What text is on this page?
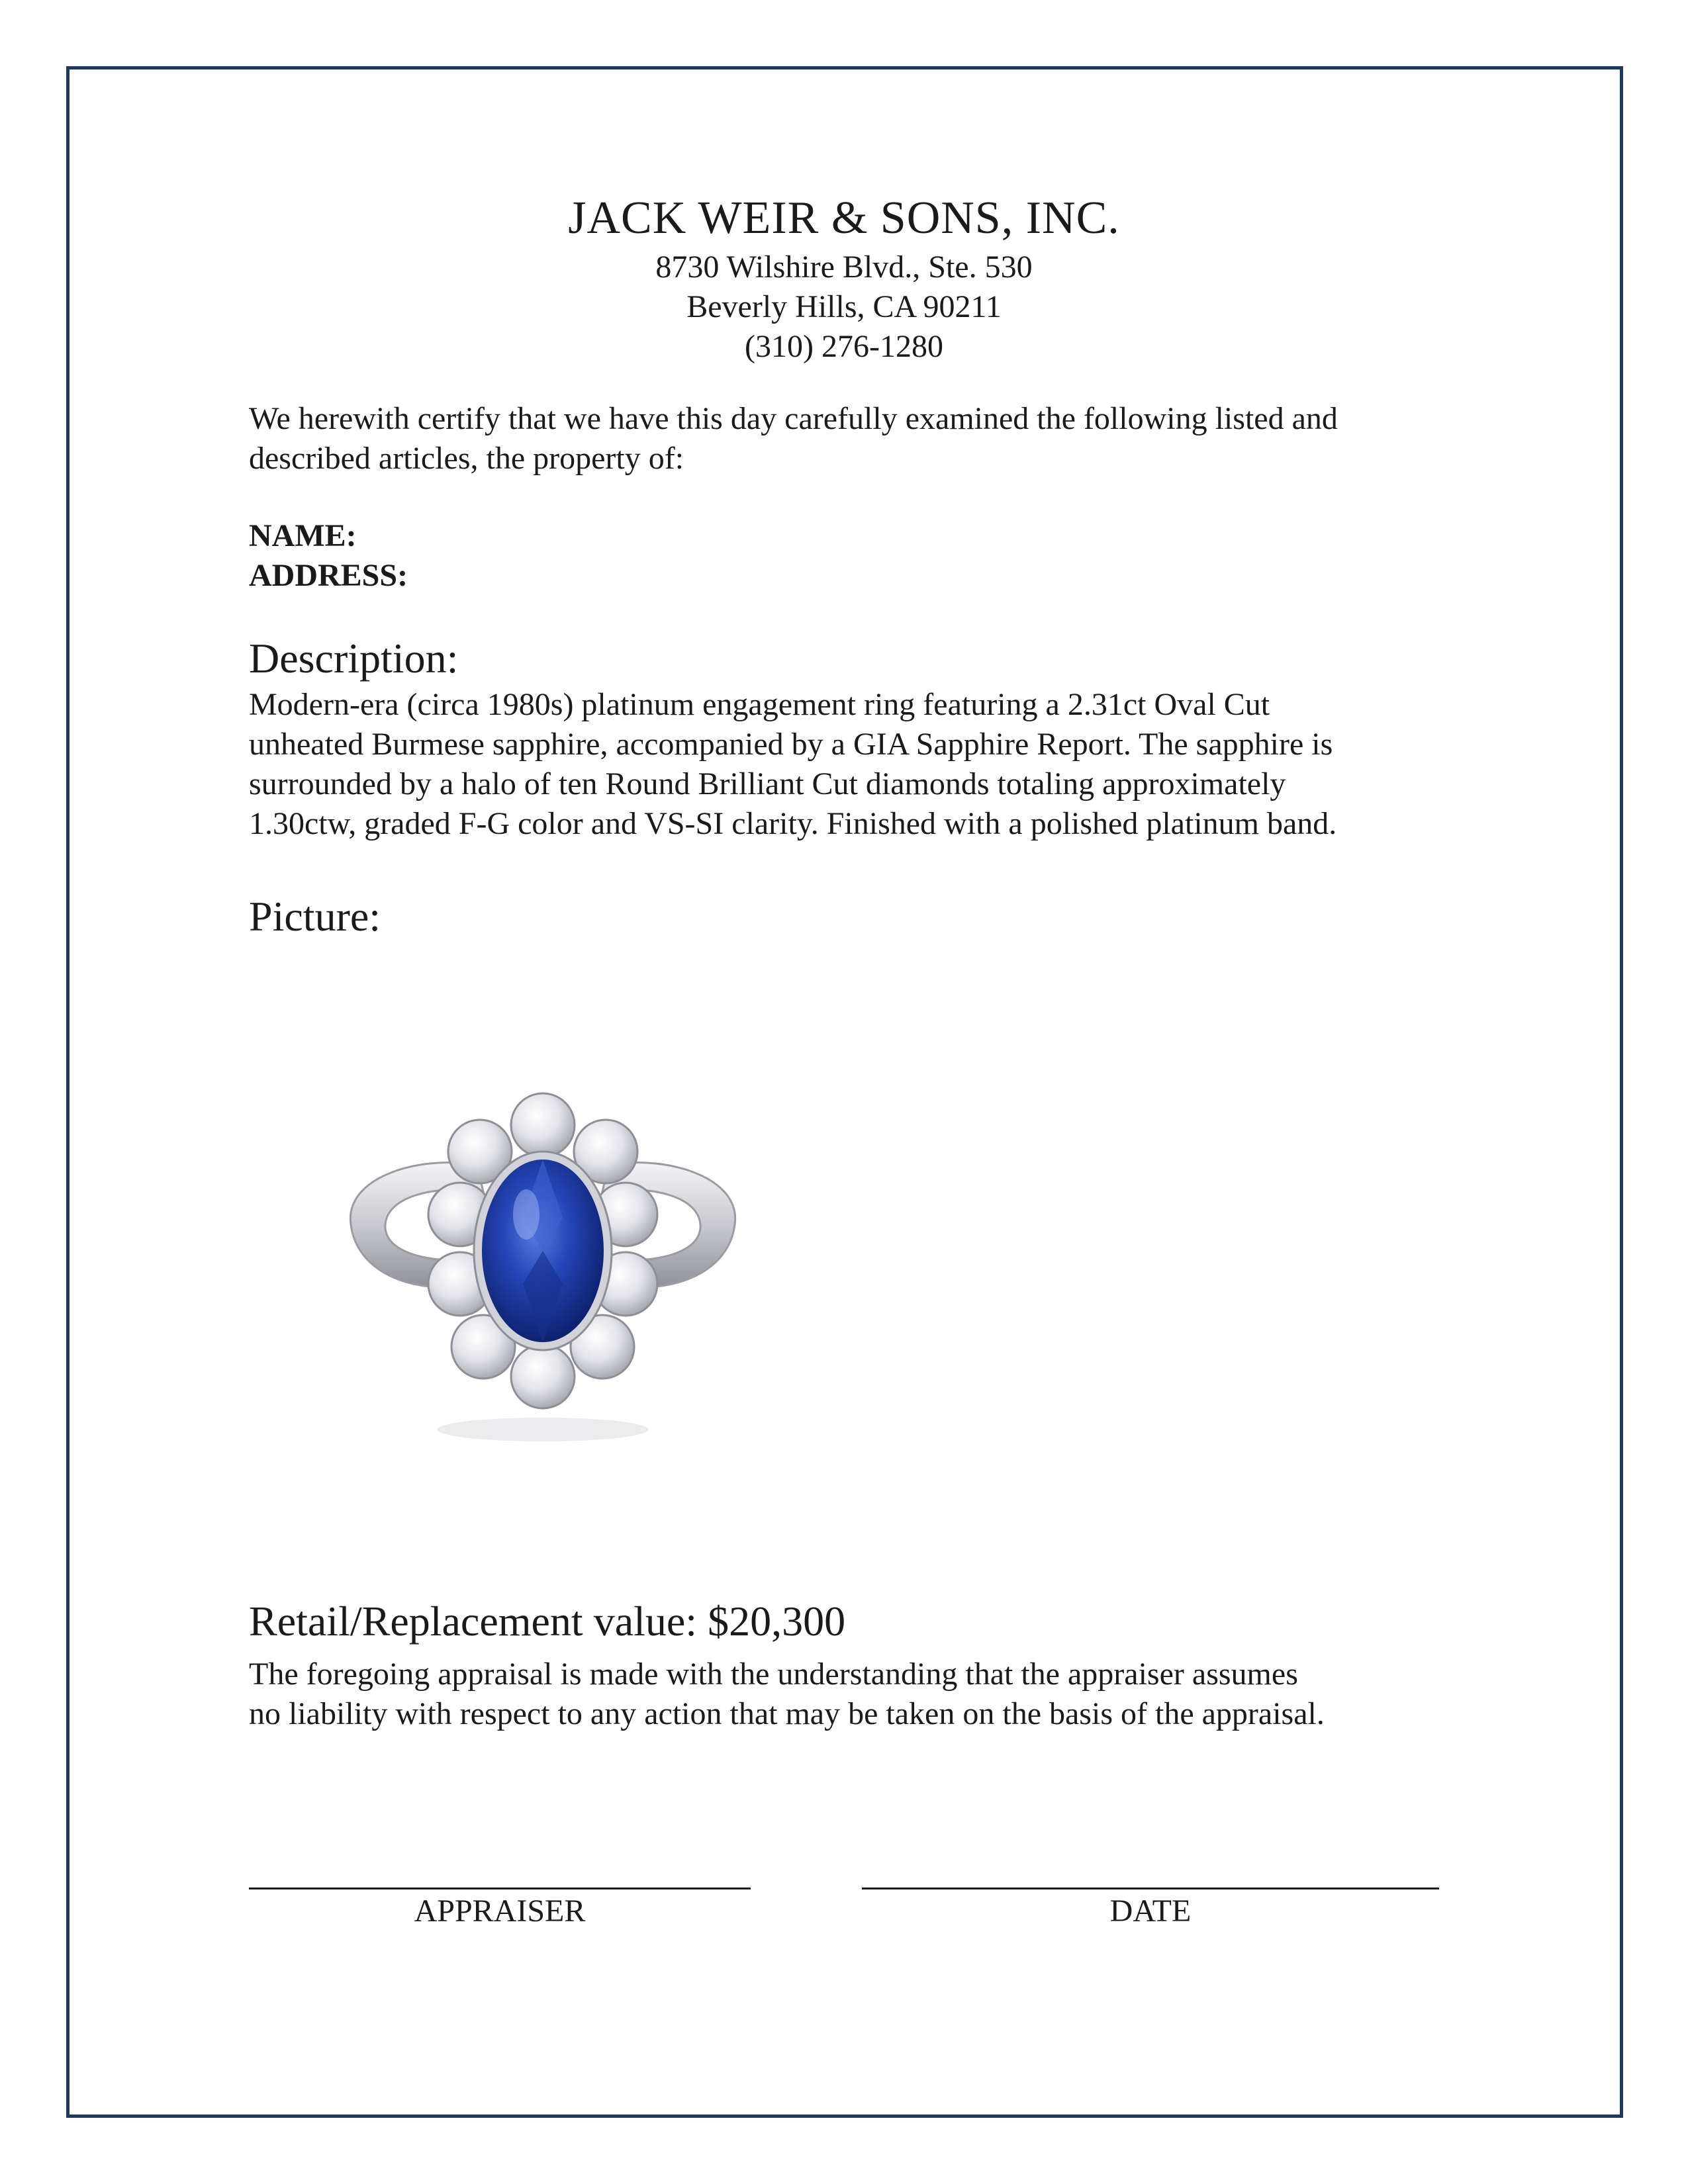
JACK WEIR & SONS, INC.
8730 Wilshire Blvd., Ste. 530
Beverly Hills, CA 90211
(310) 276-1280
We herewith certify that we have this day carefully examined the following listed and
described articles, the property of:
NAME:
ADDRESS:
Description:
Modern-era (circa 1980s) platinum engagement ring featuring a 2.31ct Oval Cut
unheated Burmese sapphire, accompanied by a GIA Sapphire Report. The sapphire is
surrounded by a halo of ten Round Brilliant Cut diamonds totaling approximately
1.30ctw, graded F-G color and VS-SI clarity. Finished with a polished platinum band.
Picture:
Retail/Replacement value: $20,300
The foregoing appraisal is made with the understanding that the appraiser assumes
no liability with respect to any action that may be taken on the basis of the appraisal.
APPRAISER	DATE
